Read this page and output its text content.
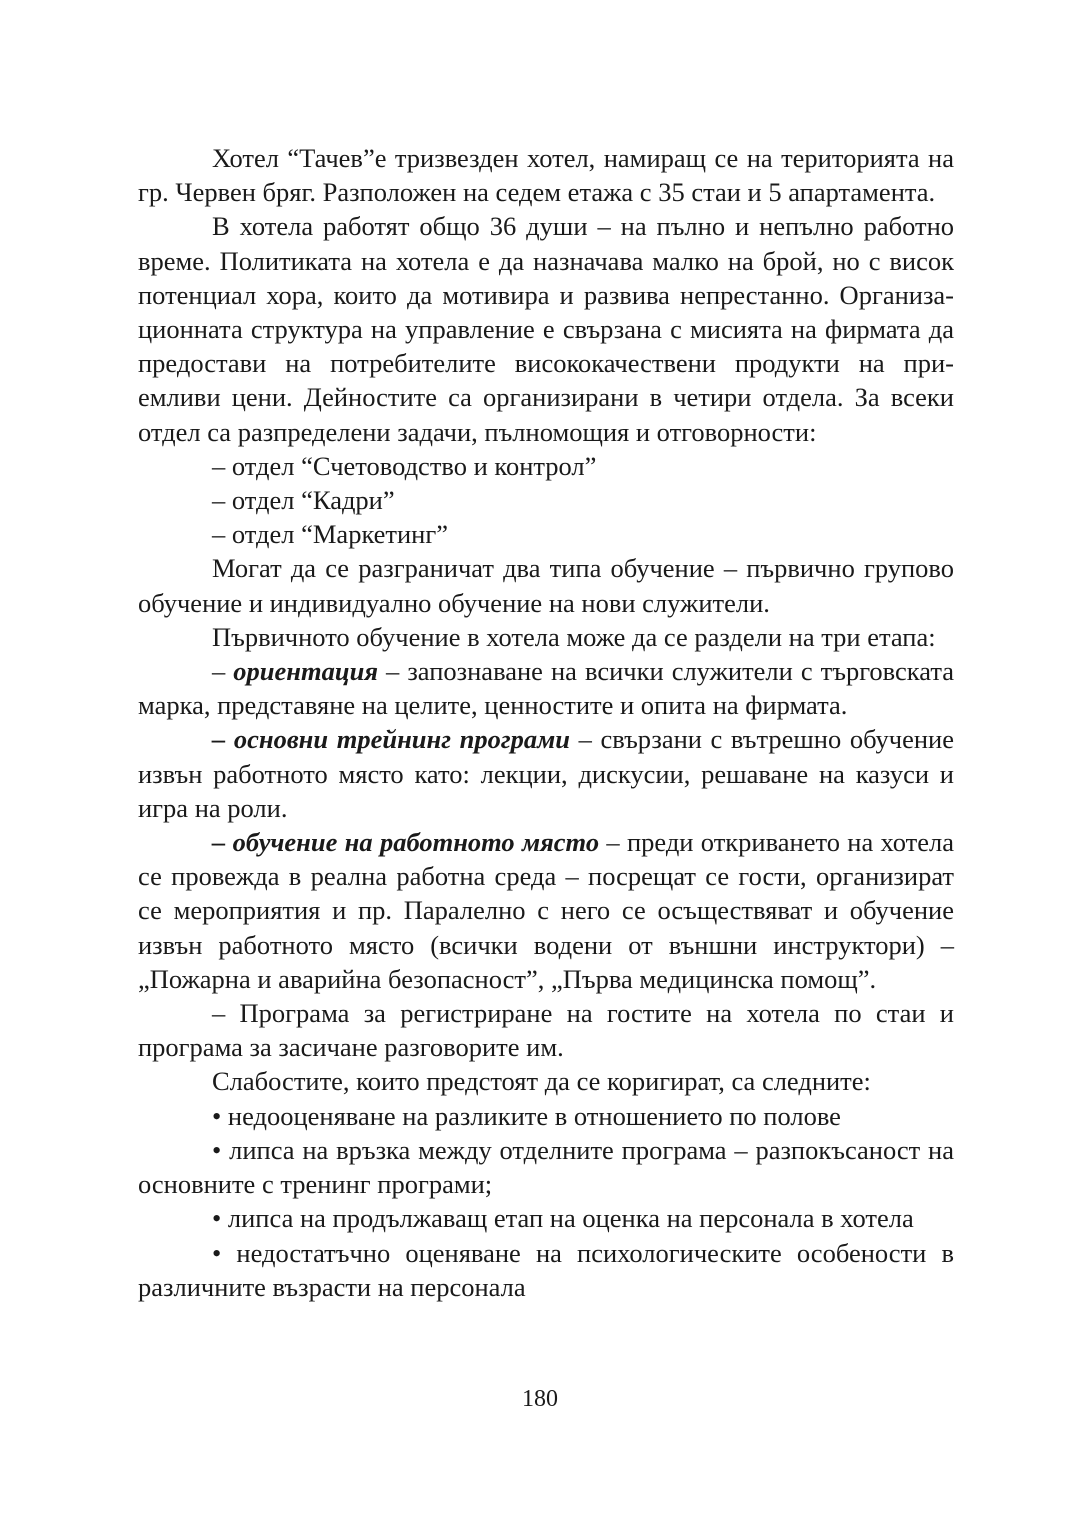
Хотел “Тачев”е тризвезден хотел, намиращ се на територията на гр. Червен бряг. Разположен на седем етажа с 35 стаи и 5 апартамента.

В хотела работят общо 36 души – на пълно и непълно работно време. Политиката на хотела е да назначава малко на брой, но с висок потенциал хора, които да мотивира и развива непрестанно. Организационната структура на управление е свързана с мисията на фирмата да предостави на потребителите висококачествени продукти на приемливи цени. Дейностите са организирани в четири отдела. За всеки отдел са разпределени задачи, пълномощия и отговорности:

– отдел “Счетоводство и контрол”

– отдел “Кадри”

– отдел “Маркетинг”

Могат да се разграничат два типа обучение – първично групово обучение и индивидуално обучение на нови служители.

Първичното обучение в хотела може да се раздели на три етапа:

– ориентация – запознаване на всички служители с търговската марка, представяне на целите, ценностите и опита на фирмата.

– основни трейнинг програми – свързани с вътрешно обучение извън работното място като: лекции, дискусии, решаване на казуси и игра на роли.

– обучение на работното място – преди откриването на хотела се провежда в реална работна среда – посрещат се гости, организират се мероприятия и пр. Паралелно с него се осъществяват и обучение извън работното място (всички водени от външни инструктори) – „Пожарна и аварийна безопасност”, „Първа медицинска помощ”.

– Програма за регистриране на гостите на хотела по стаи и програма за засичане разговорите им.

Слабостите, които предстоят да се коригират, са следните:

• недооценяване на разликите в отношението по полове

• липса на връзка между отделните програма – разпокъсаност на основните с тренинг програми;

• липса на продължаващ етап на оценка на персонала в хотела

• недостатъчно оценяване на психологическите особености в различните възрасти на персонала

180
